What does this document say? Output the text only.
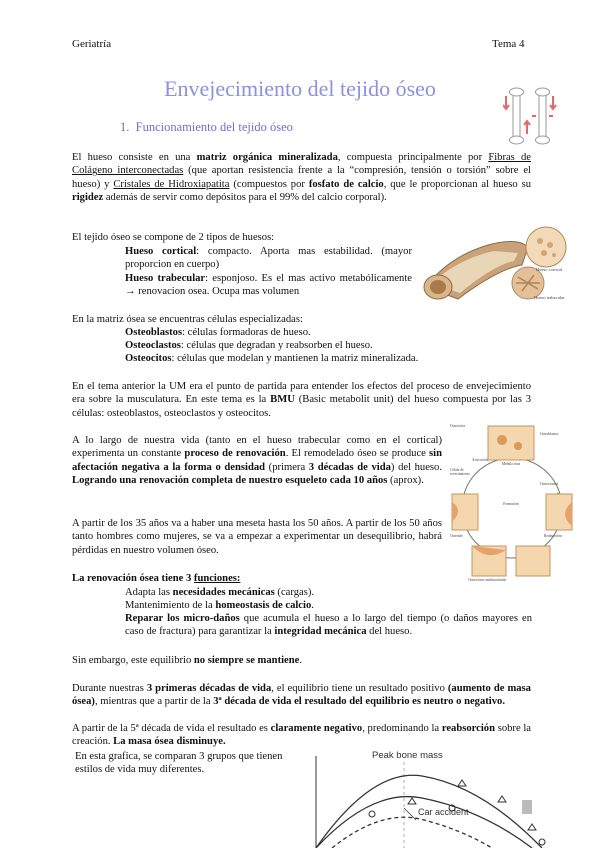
Geriatría	Tema 4
Envejecimiento del tejido óseo
1. Funcionamiento del tejido óseo
El hueso consiste en una matriz orgánica mineralizada, compuesta principalmente por Fibras de Colágeno interconectadas (que aportan resistencia frente a la “compresión, tensión o torsión” sobre el hueso) y Cristales de Hidroxiapatita (compuestos por fosfato de calcio, que le proporcionan al hueso su rigidez además de servir como depósitos para el 99% del calcio corporal).
El tejido óseo se compone de 2 tipos de huesos:
Hueso cortical: compacto. Aporta mas estabilidad. (mayor proporcion en cuerpo)
Hueso trabecular: esponjoso. Es el mas activo metabólicamente → renovacion osea. Ocupa mas volumen
Hueso cortical
Hueso trabecular
En la matriz ósea se encuentras células especializadas:
Osteoblastos: células formadoras de hueso.
Osteoclastos: células que degradan y reabsorben el hueso.
Osteocitos: células que modelan y mantienen la matriz mineralizada.
En el tema anterior la UM era el punto de partida para entender los efectos del proceso de envejecimiento era sobre la musculatura. En este tema es la BMU (Basic metabolit unit) del hueso compuesta por las 3 células: osteoblastos, osteoclastos y osteocitos.
A lo largo de nuestra vida (tanto en el hueso trabecular como en el cortical) experimenta un constante proceso de renovación. El remodelado óseo se produce sin afectación negativa a la forma o densidad (primera 3 décadas de vida) del hueso. Logrando una renovación completa de nuestro esqueleto cada 10 años (aprox).
Osteocitos
Osteoblastos
Osteoclastos
Célula de revestimiento
Osteoide
Médula ósea
Activación
Reabsorción
Formación
Osteoclasto multinucleado
A partir de los 35 años va a haber una meseta hasta los 50 años. A partir de los 50 años tanto hombres como mujeres, se va a empezar a experimentar un desequilibrio, habrá pérdidas en nuestro volumen óseo.
La renovación ósea tiene 3 funciones:
Adapta las necesidades mecánicas (cargas).
Mantenimiento de la homeostasis de calcio.
Reparar los micro-daños que acumula el hueso a lo largo del tiempo (o daños mayores en caso de fractura) para garantizar la integridad mecánica del hueso.
Sin embargo, este equilibrio no siempre se mantiene.
Durante nuestras 3 primeras décadas de vida, el equilibrio tiene un resultado positivo (aumento de masa ósea), mientras que a partir de la 3ª década de vida el resultado del equilibrio es neutro o negativo.
A partir de la 5ª década de vida el resultado es claramente negativo, predominando la reabsorción sobre la creación. La masa ósea disminuye.
En esta grafica, se comparan 3 grupos que tienen estilos de vida muy diferentes.
Peak bone mass
Car accident
